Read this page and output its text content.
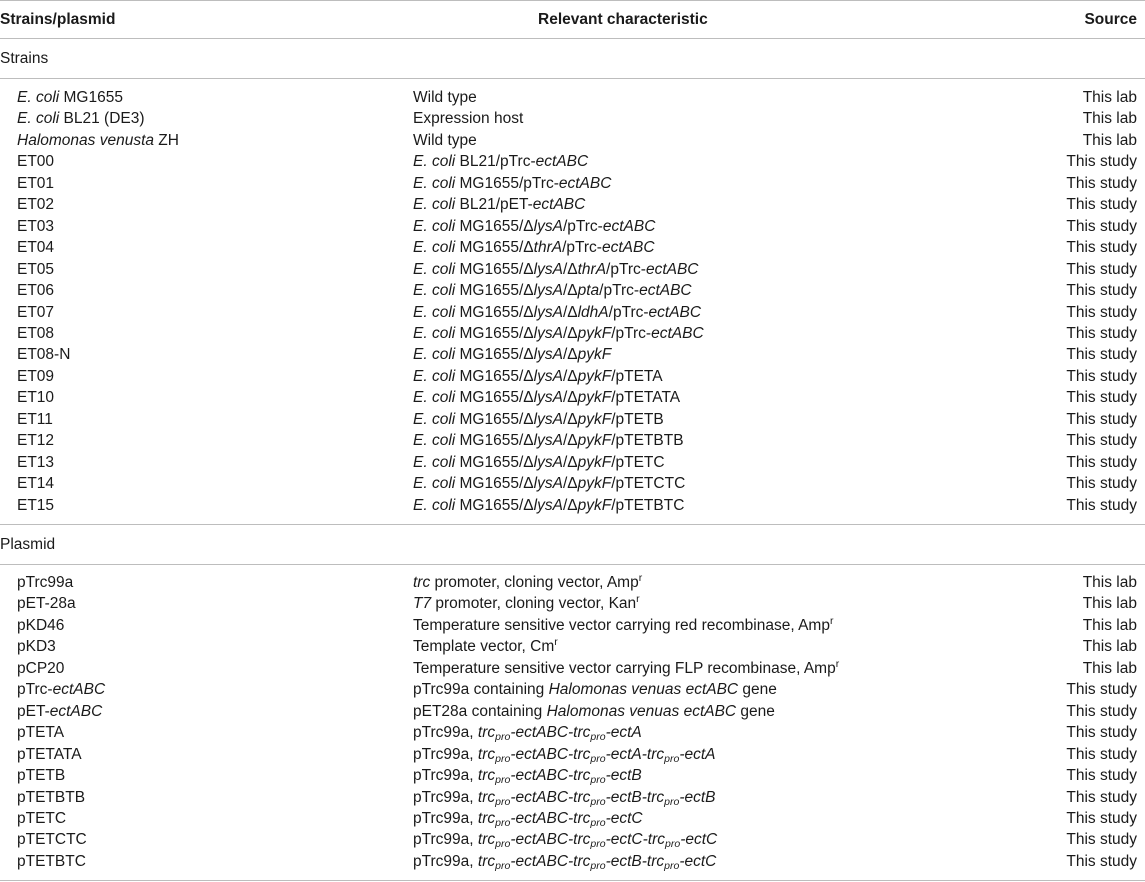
Strains/plasmid	Relevant characteristic	Source
Strains
E. coli MG1655	Wild type	This lab
E. coli BL21 (DE3)	Expression host	This lab
Halomonas venusta ZH	Wild type	This lab
ET00	E. coli BL21/pTrc-ectABC	This study
ET01	E. coli MG1655/pTrc-ectABC	This study
ET02	E. coli BL21/pET-ectABC	This study
ET03	E. coli MG1655/ΔlysA/pTrc-ectABC	This study
ET04	E. coli MG1655/ΔthrA/pTrc-ectABC	This study
ET05	E. coli MG1655/ΔlysA/ΔthrA/pTrc-ectABC	This study
ET06	E. coli MG1655/ΔlysA/Δpta/pTrc-ectABC	This study
ET07	E. coli MG1655/ΔlysA/ΔldhA/pTrc-ectABC	This study
ET08	E. coli MG1655/ΔlysA/ΔpykF/pTrc-ectABC	This study
ET08-N	E. coli MG1655/ΔlysA/ΔpykF	This study
ET09	E. coli MG1655/ΔlysA/ΔpykF/pTETA	This study
ET10	E. coli MG1655/ΔlysA/ΔpykF/pTETATA	This study
ET11	E. coli MG1655/ΔlysA/ΔpykF/pTETB	This study
ET12	E. coli MG1655/ΔlysA/ΔpykF/pTETBTB	This study
ET13	E. coli MG1655/ΔlysA/ΔpykF/pTETC	This study
ET14	E. coli MG1655/ΔlysA/ΔpykF/pTETCTC	This study
ET15	E. coli MG1655/ΔlysA/ΔpykF/pTETBTC	This study
Plasmid
pTrc99a	trc promoter, cloning vector, Amp$^r$	This lab
pET-28a	T7 promoter, cloning vector, Kan$^r$	This lab
pKD46	Temperature sensitive vector carrying red recombinase, Amp$^r$	This lab
pKD3	Template vector, Cm$^r$	This lab
pCP20	Temperature sensitive vector carrying FLP recombinase, Amp$^r$	This lab
pTrc-ectABC	pTrc99a containing Halomonas venuas ectABC gene	This study
pET-ectABC	pET28a containing Halomonas venuas ectABC gene	This study
pTETA	pTrc99a, trc$_{pro}$-ectABC-trc$_{pro}$-ectA	This study
pTETATA	pTrc99a, trc$_{pro}$-ectABC-trc$_{pro}$-ectA-trc$_{pro}$-ectA	This study
pTETB	pTrc99a, trc$_{pro}$-ectABC-trc$_{pro}$-ectB	This study
pTETBTB	pTrc99a, trc$_{pro}$-ectABC-trc$_{pro}$-ectB-trc$_{pro}$-ectB	This study
pTETC	pTrc99a, trc$_{pro}$-ectABC-trc$_{pro}$-ectC	This study
pTETCTC	pTrc99a, trc$_{pro}$-ectABC-trc$_{pro}$-ectC-trc$_{pro}$-ectC	This study
pTETBTC	pTrc99a, trc$_{pro}$-ectABC-trc$_{pro}$-ectB-trc$_{pro}$-ectC	This study
